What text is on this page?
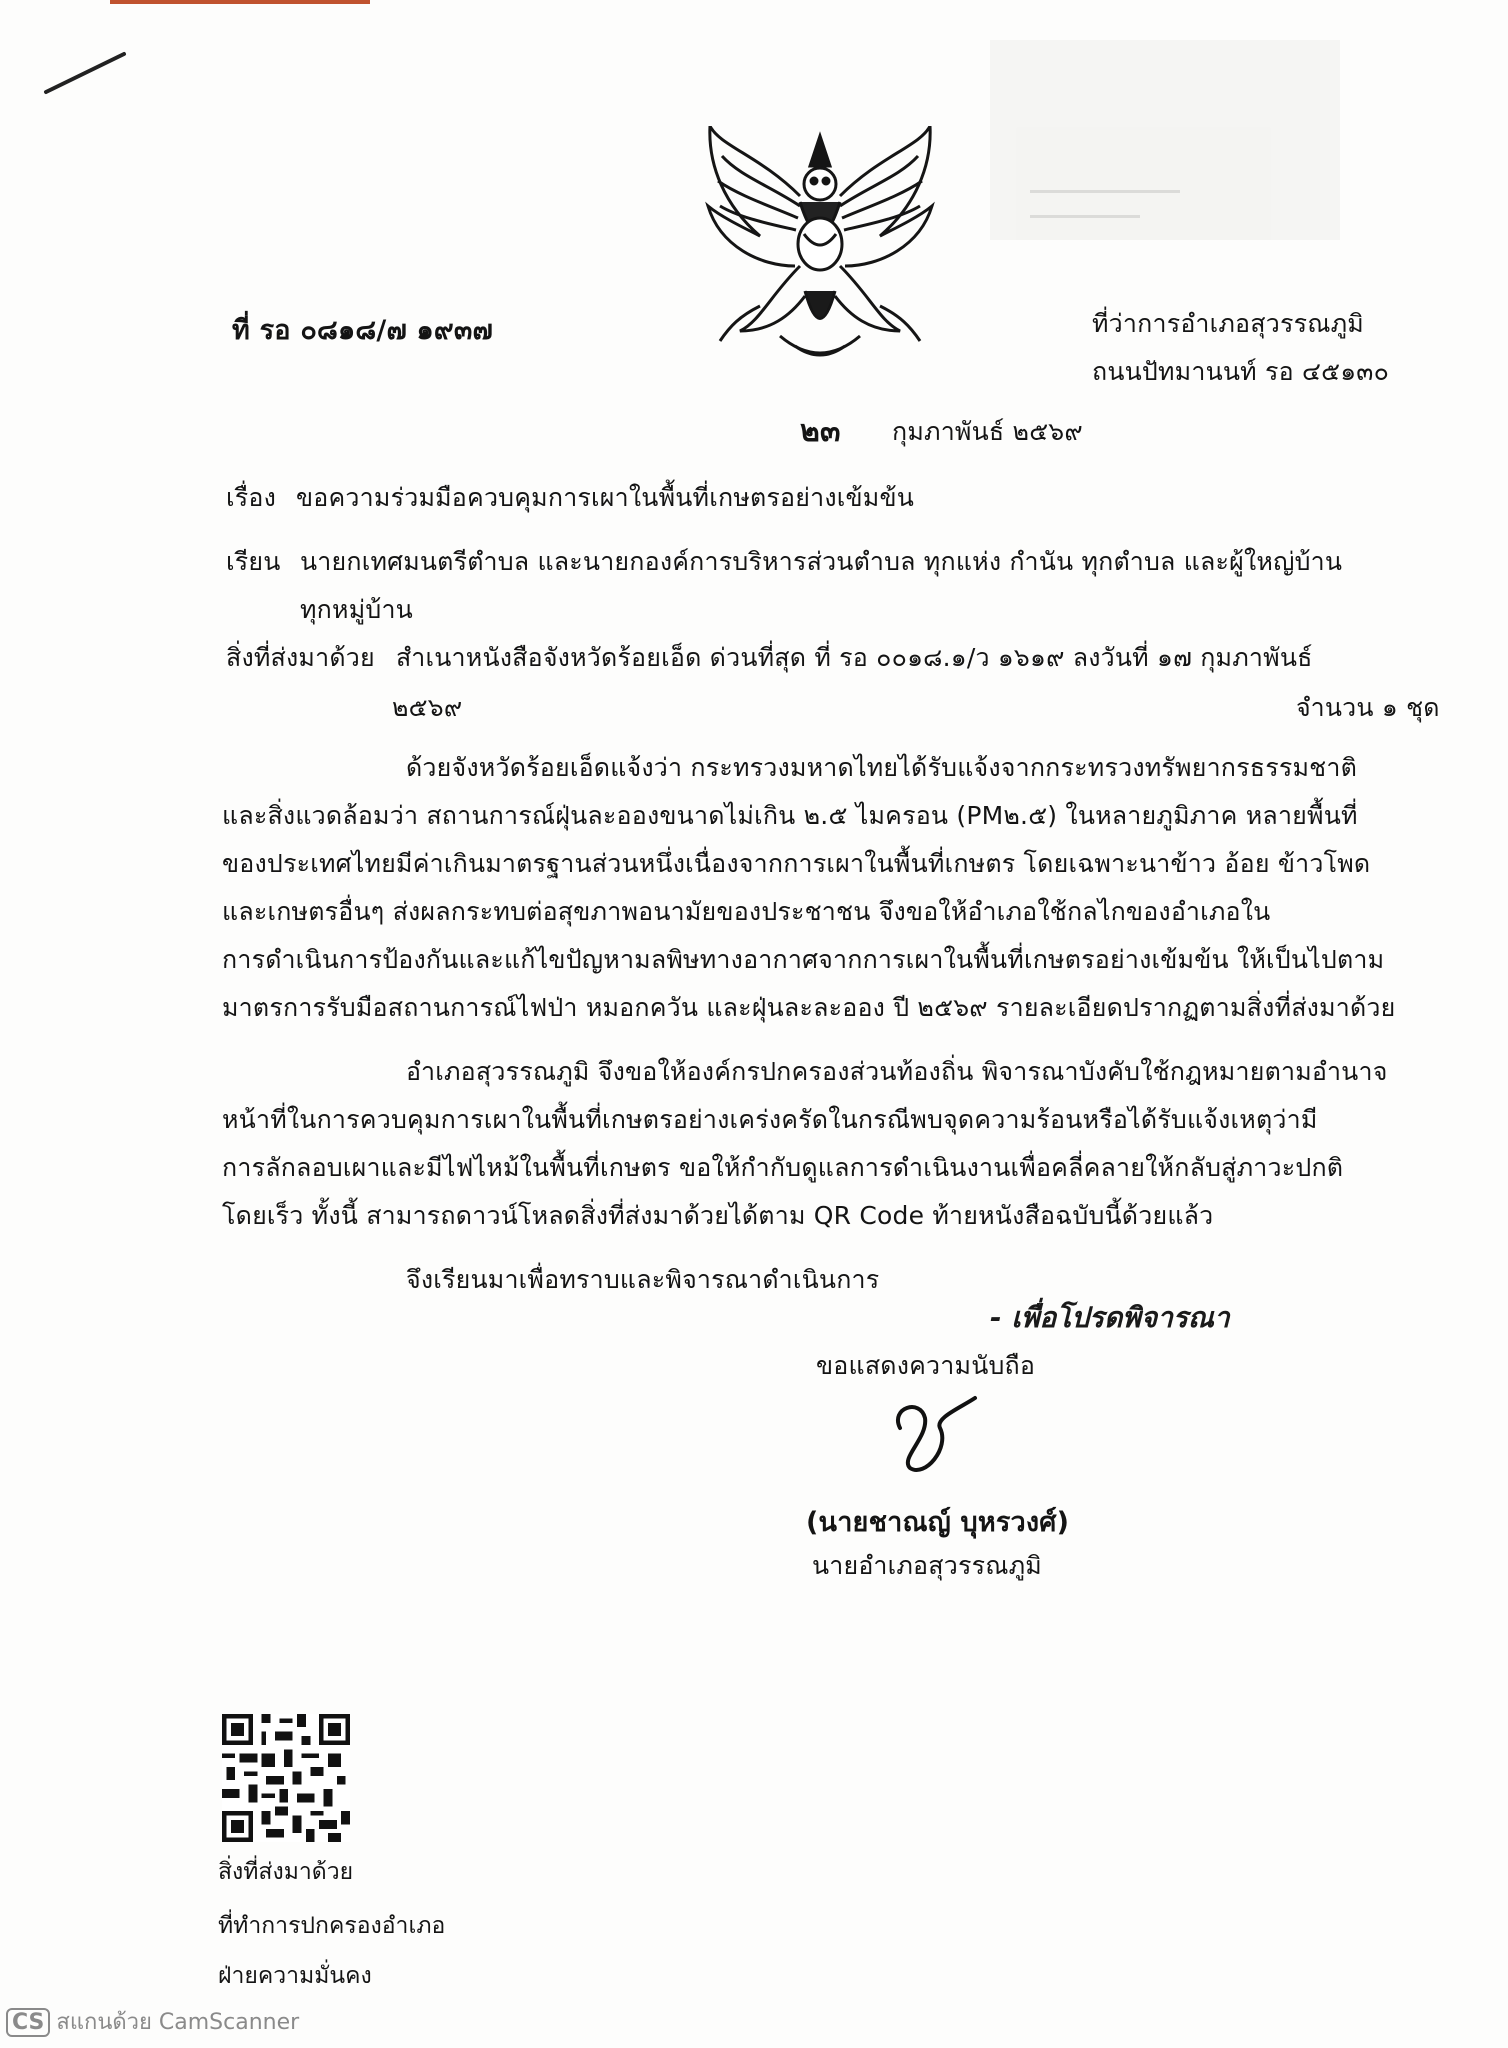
ที่ รอ ๐๘๑๘/๗ ๑๙๓๗	ที่ว่าการอำเภอสุวรรณภูมิ
ถนนปัทมานนท์ รอ ๔๕๑๓๐
๒๓ กุมภาพันธ์ ๒๕๖๙
เรื่อง ขอความร่วมมือควบคุมการเผาในพื้นที่เกษตรอย่างเข้มข้น
เรียน นายกเทศมนตรีตำบล และนายกองค์การบริหารส่วนตำบล ทุกแห่ง กำนัน ทุกตำบล และผู้ใหญ่บ้าน
ทุกหมู่บ้าน
สิ่งที่ส่งมาด้วย สำเนาหนังสือจังหวัดร้อยเอ็ด ด่วนที่สุด ที่ รอ ๐๐๑๘.๑/ว ๑๖๑๙ ลงวันที่ ๑๗ กุมภาพันธ์
๒๕๖๙	จำนวน ๑ ชุด
ด้วยจังหวัดร้อยเอ็ดแจ้งว่า กระทรวงมหาดไทยได้รับแจ้งจากกระทรวงทรัพยากรธรรมชาติ
และสิ่งแวดล้อมว่า สถานการณ์ฝุ่นละอองขนาดไม่เกิน ๒.๕ ไมครอน (PM๒.๕) ในหลายภูมิภาค หลายพื้นที่
ของประเทศไทยมีค่าเกินมาตรฐานส่วนหนึ่งเนื่องจากการเผาในพื้นที่เกษตร โดยเฉพาะนาข้าว อ้อย ข้าวโพด
และเกษตรอื่นๆ ส่งผลกระทบต่อสุขภาพอนามัยของประชาชน จึงขอให้อำเภอใช้กลไกของอำเภอใน
การดำเนินการป้องกันและแก้ไขปัญหามลพิษทางอากาศจากการเผาในพื้นที่เกษตรอย่างเข้มข้น ให้เป็นไปตาม
มาตรการรับมือสถานการณ์ไฟป่า หมอกควัน และฝุ่นละละออง ปี ๒๕๖๙ รายละเอียดปรากฏตามสิ่งที่ส่งมาด้วย
อำเภอสุวรรณภูมิ จึงขอให้องค์กรปกครองส่วนท้องถิ่น พิจารณาบังคับใช้กฎหมายตามอำนาจ
หน้าที่ในการควบคุมการเผาในพื้นที่เกษตรอย่างเคร่งครัดในกรณีพบจุดความร้อนหรือได้รับแจ้งเหตุว่ามี
การลักลอบเผาและมีไฟไหม้ในพื้นที่เกษตร ขอให้กำกับดูแลการดำเนินงานเพื่อคลี่คลายให้กลับสู่ภาวะปกติ
โดยเร็ว ทั้งนี้ สามารถดาวน์โหลดสิ่งที่ส่งมาด้วยได้ตาม QR Code ท้ายหนังสือฉบับนี้ด้วยแล้ว
จึงเรียนมาเพื่อทราบและพิจารณาดำเนินการ
- เพื่อโปรดพิจารณา
ขอแสดงความนับถือ
(นายชาณญ์ บุหรวงศ์)
นายอำเภอสุวรรณภูมิ
สิ่งที่ส่งมาด้วย
ที่ทำการปกครองอำเภอ
ฝ่ายความมั่นคง
CS สแกนด้วย CamScanner
